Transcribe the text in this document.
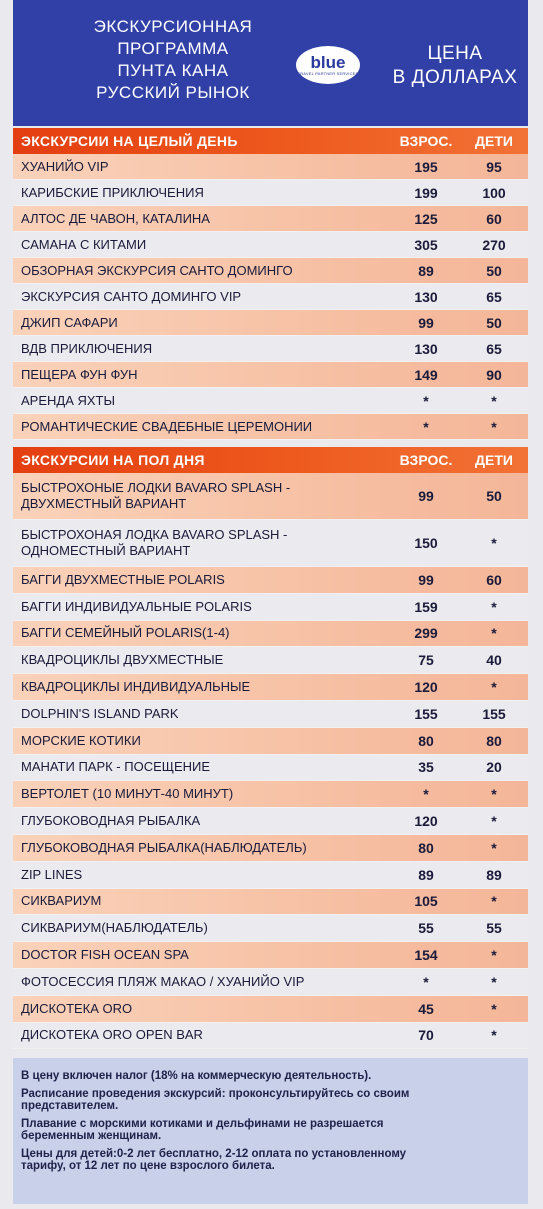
ЭКСКУРСИОННАЯ
ПРОГРАММА
ПУНТА КАНА
РУССКИЙ РЫНОК
blue
TRAVEL PARTNER SERVICES
ЦЕНА
В ДОЛЛАРАХ
ЭКСКУРСИИ НА ЦЕЛЫЙ ДЕНЬ	ВЗРОС.	ДЕТИ
ХУАНИЙО VIP	195	95
КАРИБСКИЕ ПРИКЛЮЧЕНИЯ	199	100
АЛТОС ДЕ ЧАВОН, КАТАЛИНА	125	60
САМАНА С КИТАМИ	305	270
ОБЗОРНАЯ ЭКСКУРСИЯ САНТО ДОМИНГО	89	50
ЭКСКУРСИЯ САНТО ДОМИНГО VIP	130	65
ДЖИП САФАРИ	99	50
ВДВ ПРИКЛЮЧЕНИЯ	130	65
ПЕЩЕРА ФУН ФУН	149	90
АРЕНДА ЯХТЫ	*	*
РОМАНТИЧЕСКИЕ СВАДЕБНЫЕ ЦЕРЕМОНИИ	*	*
ЭКСКУРСИИ НА ПОЛ ДНЯ	ВЗРОС.	ДЕТИ
БЫСТРОХОНЫЕ ЛОДКИ BAVARO SPLASH -
ДВУХМЕСТНЫЙ ВАРИАНТ	99	50
БЫСТРОХОНАЯ ЛОДКА BAVARO SPLASH -
ОДНОМЕСТНЫЙ ВАРИАНТ	150	*
БАГГИ ДВУХМЕСТНЫЕ POLARIS	99	60
БАГГИ ИНДИВИДУАЛЬНЫЕ POLARIS	159	*
БАГГИ СЕМЕЙНЫЙ POLARIS(1-4)	299	*
КВАДРОЦИКЛЫ ДВУХМЕСТНЫЕ	75	40
КВАДРОЦИКЛЫ ИНДИВИДУАЛЬНЫЕ	120	*
DOLPHIN'S ISLAND PARK	155	155
МОРСКИЕ КОТИКИ	80	80
МАНАТИ ПАРК - ПОСЕЩЕНИЕ	35	20
ВЕРТОЛЕТ (10 МИНУТ-40 МИНУТ)	*	*
ГЛУБОКОВОДНАЯ РЫБАЛКА	120	*
ГЛУБОКОВОДНАЯ РЫБАЛКА(НАБЛЮДАТЕЛЬ)	80	*
ZIP LINES	89	89
СИКВАРИУМ	105	*
СИКВАРИУМ(НАБЛЮДАТЕЛЬ)	55	55
DOCTOR FISH OCEAN SPA	154	*
ФОТОСЕССИЯ ПЛЯЖ МАКАО / ХУАНИЙО VIP	*	*
ДИСКОТЕКА ORO	45	*
ДИСКОТЕКА ORO OPEN BAR	70	*

В цену включен налог (18% на коммерческую деятельность).

Расписание проведения экскурсий: проконсультируйтесь со своим
представителем.

Плавание с морскими котиками и дельфинами не разрешается
беременным женщинам.

Цены для детей:0-2 лет бесплатно, 2-12 оплата по установленному
тарифу, от 12 лет по цене взрослого билета.
